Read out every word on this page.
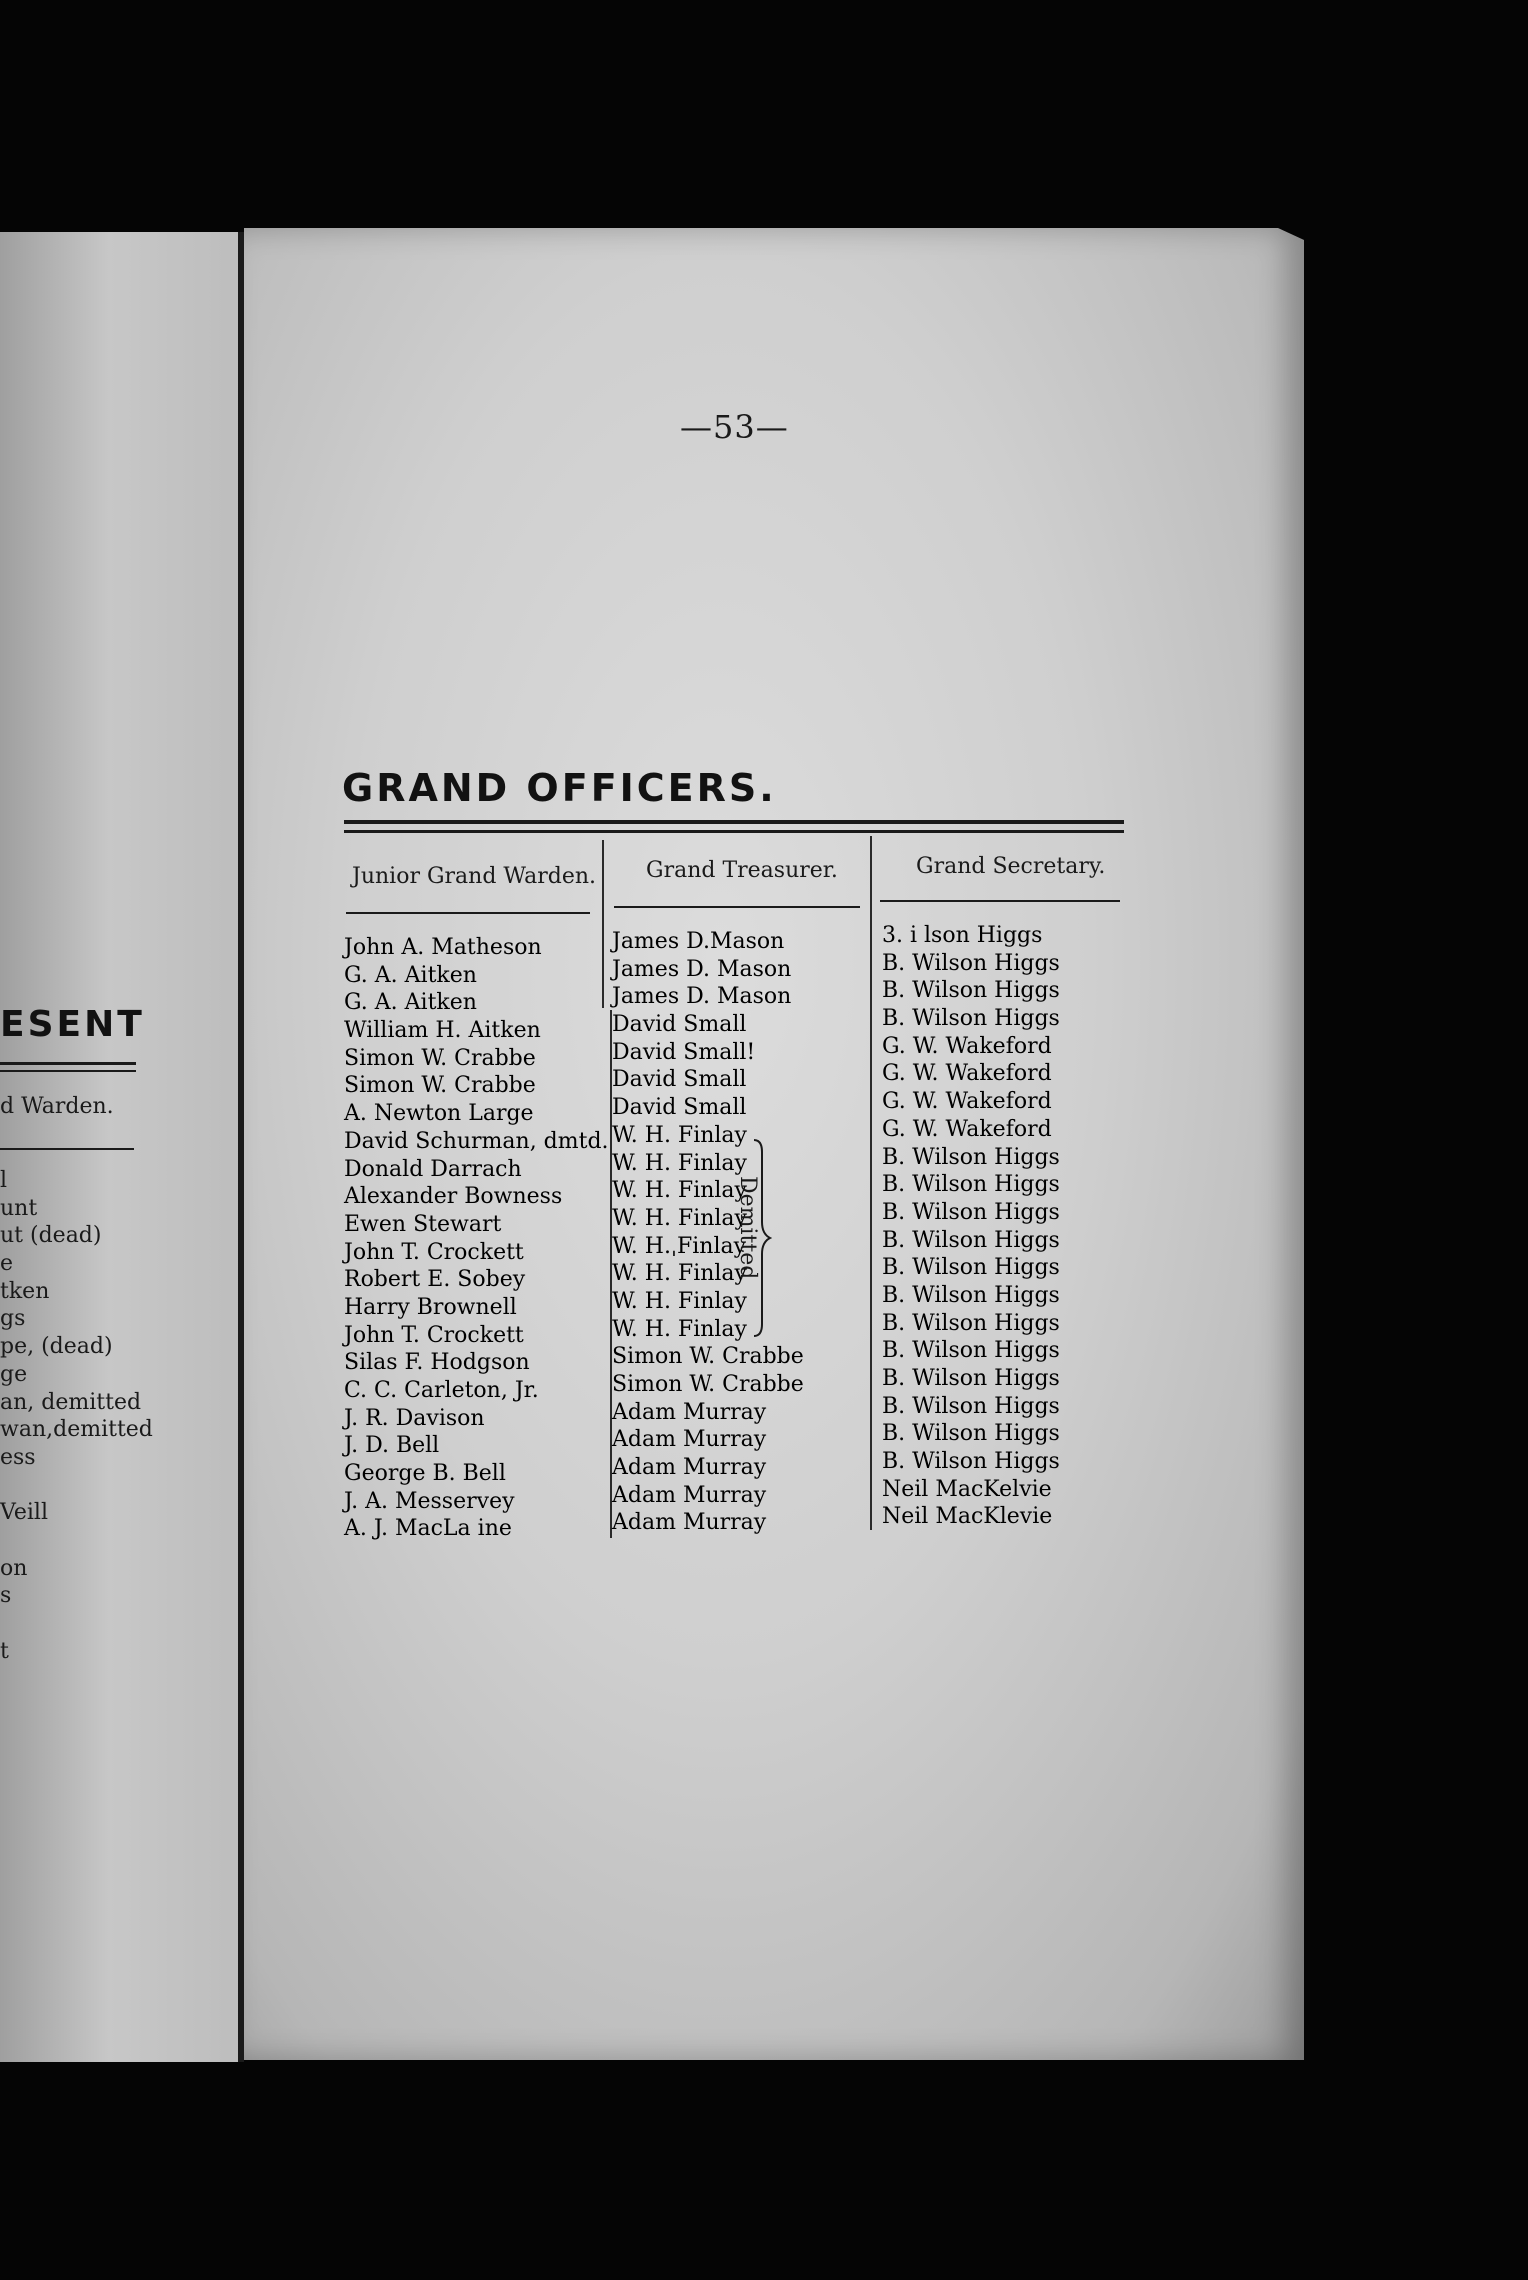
ESENT
d Warden.
l
unt
ut (dead)
e
tken
gs
pe, (dead)
ge
an, demitted
wan,demitted
ess
Veill
on
s
t
—53—
GRAND OFFICERS.
Junior Grand Warden. Grand Treasurer.	Grand Secretary.
John A. Matheson
G. A. Aitken
G. A. Aitken
William H. Aitken
Simon W. Crabbe
Simon W. Crabbe
A. Newton Large
David Schurman, dmtd.
Donald Darrach
Alexander Bowness
Ewen Stewart
John T. Crockett
Robert E. Sobey
Harry Brownell
John T. Crockett
Silas F. Hodgson
C. C. Carleton, Jr.
J. R. Davison
J. D. Bell
George B. Bell
J. A. Messervey
A. J. MacLa ine
James D.Mason
James D. Mason
James D. Mason
David Small
David Small!
David Small
David Small
W. H. Finlay
W. H. Finlay
W. H. Finlay
W. H. Finlay
W. H.ˌFinlay
W. H. Finlay
W. H. Finlay
W. H. Finlay
Simon W. Crabbe
Simon W. Crabbe
Adam Murray
Adam Murray
Adam Murray
Adam Murray
Adam Murray
3. i lson Higgs
B. Wilson Higgs
B. Wilson Higgs
B. Wilson Higgs
G. W. Wakeford
G. W. Wakeford
G. W. Wakeford
G. W. Wakeford
B. Wilson Higgs
B. Wilson Higgs
B. Wilson Higgs
B. Wilson Higgs
B. Wilson Higgs
B. Wilson Higgs
B. Wilson Higgs
B. Wilson Higgs
B. Wilson Higgs
B. Wilson Higgs
B. Wilson Higgs
B. Wilson Higgs
Neil MacKelvie
Neil MacKlevie
Demitted
